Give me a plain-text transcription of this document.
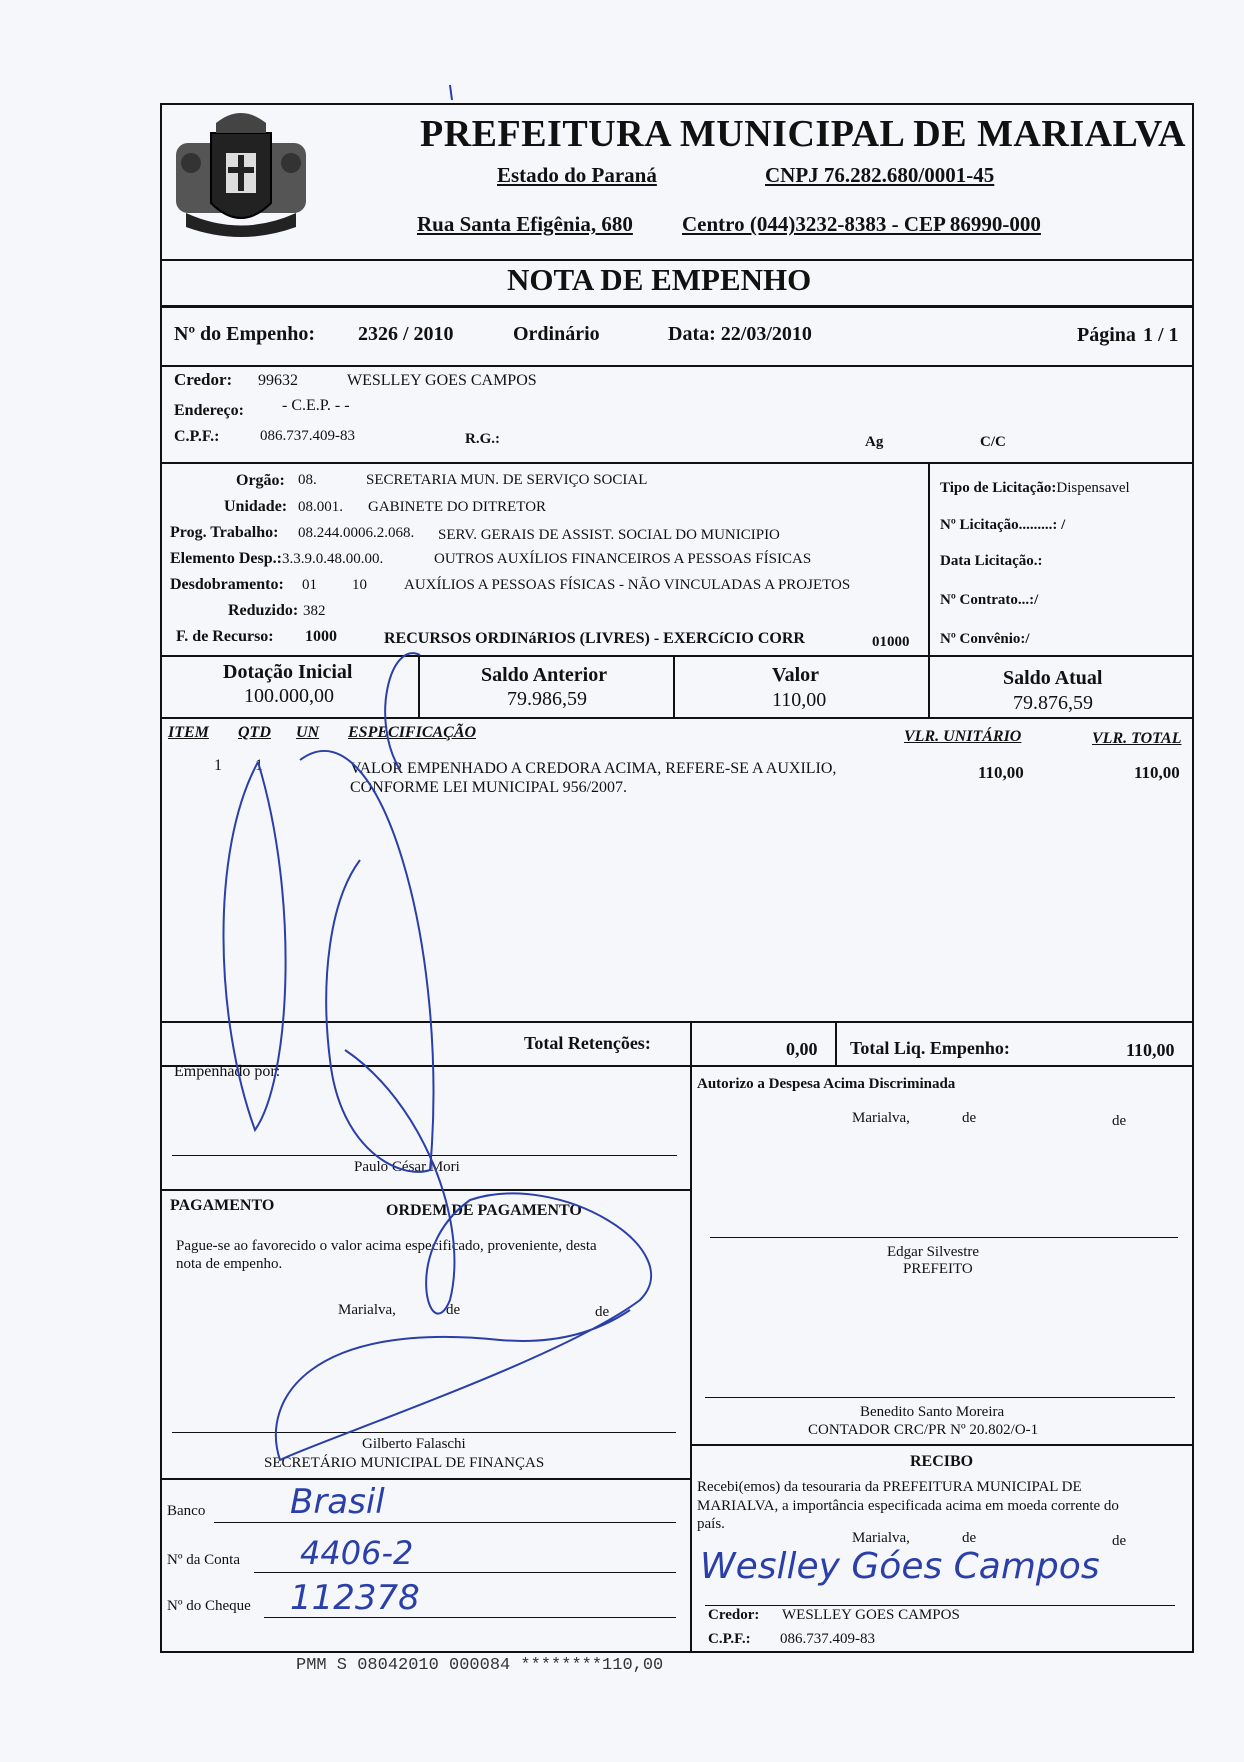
PREFEITURA MUNICIPAL DE MARIALVA
Estado do Paraná	CNPJ 76.282.680/0001-45
Rua Santa Efigênia, 680 Centro (044)3232-8383 - CEP 86990-000
NOTA DE EMPENHO
Nº do Empenho: 2326 / 2010	Ordinário	Data: 22/03/2010	Página 1 / 1
Credor: 99632	WESLLEY GOES CAMPOS
Endereço: - C.E.P. - -
C.P.F.:	086.737.409-83	R.G.:	Ag	C/C
Orgão: 08.	SECRETARIA MUN. DE SERVIÇO SOCIAL
Unidade: 08.001. GABINETE DO DITRETOR
Prog. Trabalho: 08.244.0006.2.068. SERV. GERAIS DE ASSIST. SOCIAL DO MUNICIPIO
Elemento Desp.: 3.3.9.0.48.00.00.	OUTROS AUXÍLIOS FINANCEIROS A PESSOAS FÍSICAS
Desdobramento: 01 10 AUXÍLIOS A PESSOAS FÍSICAS - NÃO VINCULADAS A PROJETOS
Reduzido: 382
F. de Recurso: 1000	RECURSOS ORDINáRIOS (LIVRES) - EXERCíCIO CORR	01000
Tipo de Licitação:Dispensavel
Nº Licitação.........: /
Data Licitação.:
Nº Contrato...:/
Nº Convênio:/
Dotação Inicial
100.000,00
Saldo Anterior
79.986,59
Valor
110,00
Saldo Atual
79.876,59
ITEM QTD UN ESPECIFICAÇÃO	VLR. UNITÁRIO	VLR. TOTAL
1 1	VALOR EMPENHADO A CREDORA ACIMA, REFERE-SE A AUXILIO,
CONFORME LEI MUNICIPAL 956/2007.
110,00	110,00
Total Retenções:	0,00 Total Liq. Empenho:	110,00
Empenhado por:
Paulo César Mori
Autorizo a Despesa Acima Discriminada
Marialva,	de	de
Edgar Silvestre
PREFEITO
Benedito Santo Moreira
CONTADOR CRC/PR Nº 20.802/O-1
PAGAMENTO	ORDEM DE PAGAMENTO
Pague-se ao favorecido o valor acima especificado, proveniente, desta
nota de empenho.
Marialva,	de	de
Gilberto Falaschi
SECRETÁRIO MUNICIPAL DE FINANÇAS
Banco Brasil
Nº da Conta 4406-2
Nº do Cheque 112378
RECIBO
Recebi(emos) da tesouraria da PREFEITURA MUNICIPAL DE
MARIALVA, a importância especificada acima em moeda corrente do
país.
Marialva,	de	de
Weslley Góes Campos
Credor: WESLLEY GOES CAMPOS
C.P.F.: 086.737.409-83
PMM S 08042010 000084 ********110,00
